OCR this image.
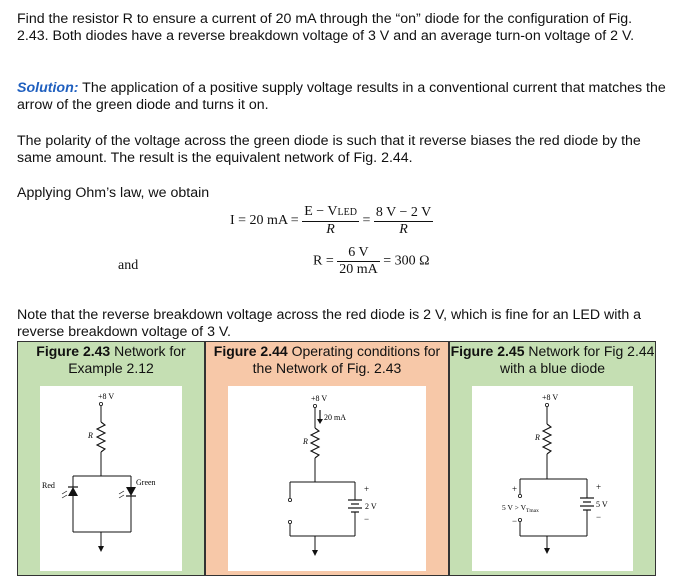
Find the resistor R to ensure a current of 20 mA through the “on” diode for the configuration of Fig. 2.43. Both diodes have a reverse breakdown voltage of 3 V and an average turn-on voltage of 2 V.

Solution: The application of a positive supply voltage results in a conventional current that matches the arrow of the green diode and turns it on.

The polarity of the voltage across the green diode is such that it reverse biases the red diode by the same amount. The result is the equivalent network of Fig. 2.44.

Applying Ohm’s law, we obtain

I = 20 mA = $\frac{\text{E − VLED}}{R} = \frac{8 V - 2 V}{R}$
and	$R = \frac{6 V}{20 mA} = 300$ Ω

Note that the reverse breakdown voltage across the red diode is 2 V, which is fine for an LED with a reverse breakdown voltage of 3 V.

Figure 2.43 Network for Example 2.12
+8 V
R
Red	Green
Figure 2.44 Operating conditions for the Network of Fig. 2.43
+8 V
20 mA
R
+
2 V
−
Figure 2.45 Network for Fig 2.44 with a blue diode
+8 V
R
+
5 $V > V_{Tmax}$
−
+
5 V
−
